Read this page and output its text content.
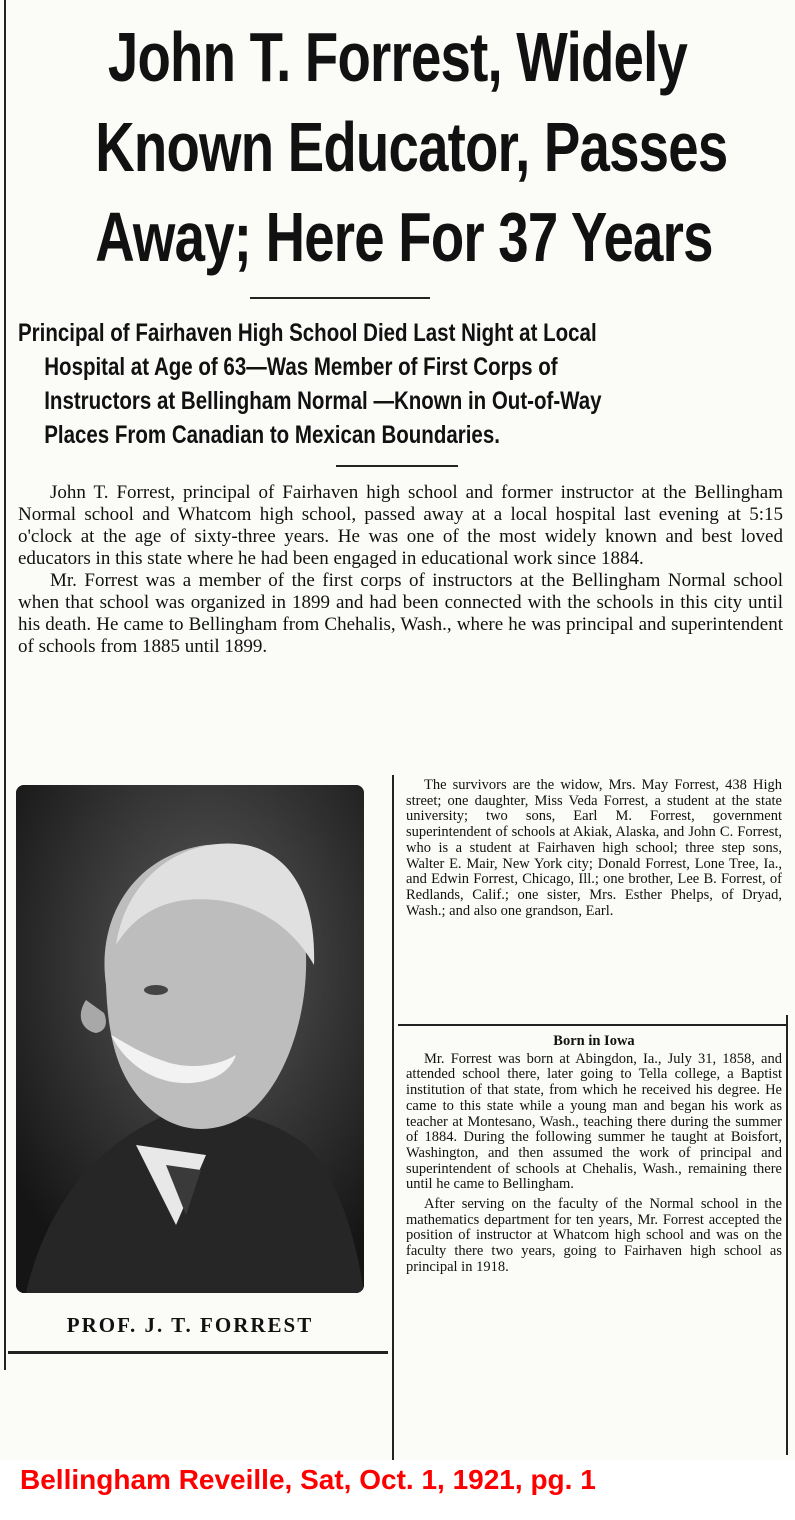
John T. Forrest, Widely
Known Educator, Passes
Away; Here For 37 Years
Principal of Fairhaven High School Died Last Night at Local
Hospital at Age of 63—Was Member of First Corps of
Instructors at Bellingham Normal —Known in Out-of-Way
Places From Canadian to Mexican Boundaries.

John T. Forrest, principal of Fairhaven high school and former instructor at the Bellingham Normal school and Whatcom high school, passed away at a local hospital last evening at 5:15 o'clock at the age of sixty-three years. He was one of the most widely known and best loved educators in this state where he had been engaged in educational work since 1884.

Mr. Forrest was a member of the first corps of instructors at the Bellingham Normal school when that school was organized in 1899 and had been connected with the schools in this city until his death. He came to Bellingham from Chehalis, Wash., where he was principal and superintendent of schools from 1885 until 1899.

PROF. J. T. FORREST

The survivors are the widow, Mrs. May Forrest, 438 High street; one daughter, Miss Veda Forrest, a student at the state university; two sons, Earl M. Forrest, government superintendent of schools at Akiak, Alaska, and John C. Forrest, who is a student at Fairhaven high school; three step sons, Walter E. Mair, New York city; Donald Forrest, Lone Tree, Ia., and Edwin Forrest, Chicago, Ill.; one brother, Lee B. Forrest, of Redlands, Calif.; one sister, Mrs. Esther Phelps, of Dryad, Wash.; and also one grandson, Earl.

Born in Iowa

Mr. Forrest was born at Abingdon, Ia., July 31, 1858, and attended school there, later going to Tella college, a Baptist institution of that state, from which he received his degree. He came to this state while a young man and began his work as teacher at Montesano, Wash., teaching there during the summer of 1884. During the following summer he taught at Boisfort, Washington, and then assumed the work of principal and superintendent of schools at Chehalis, Wash., remaining there until he came to Bellingham.

After serving on the faculty of the Normal school in the mathematics department for ten years, Mr. Forrest accepted the position of instructor at Whatcom high school and was on the faculty there two years, going to Fairhaven high school as principal in 1918.

Bellingham Reveille, Sat, Oct. 1, 1921, pg. 1
